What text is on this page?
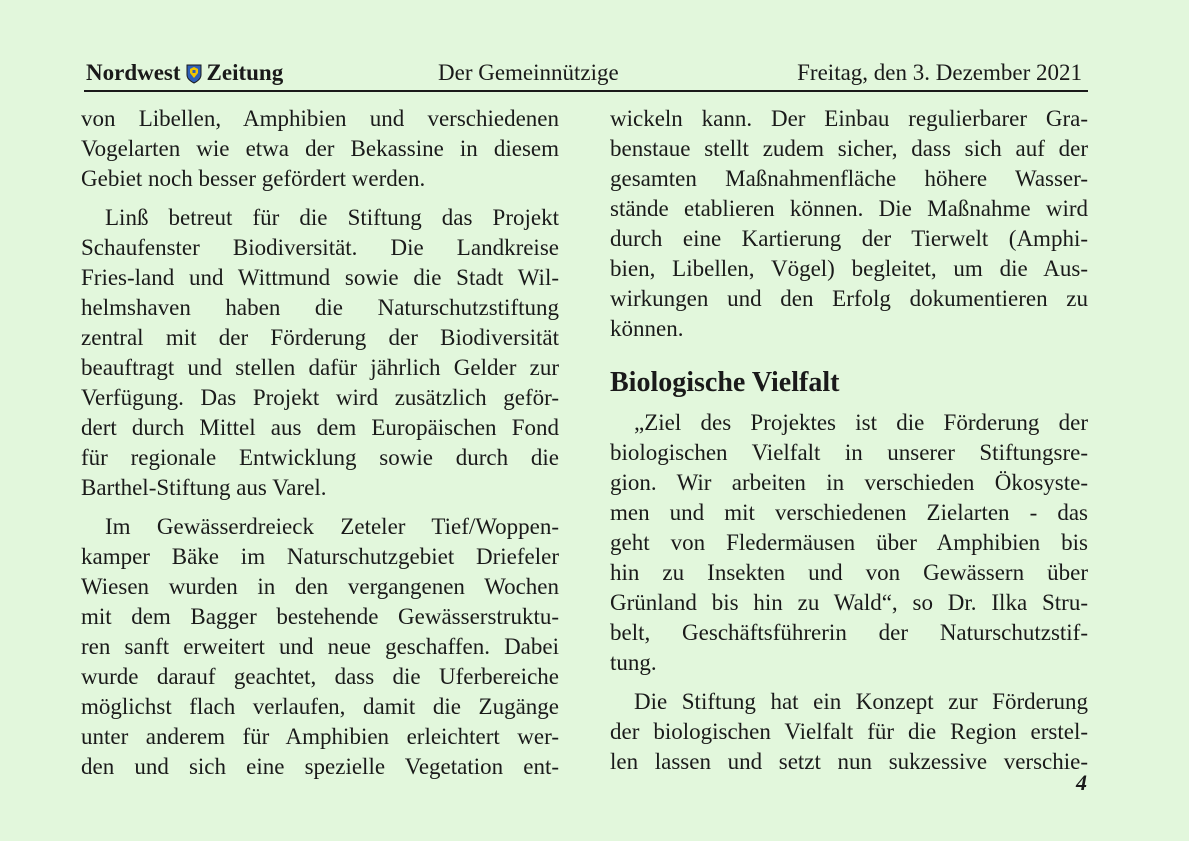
Nordwest Zeitung	Der Gemeinnützige	Freitag, den 3. Dezember 2021

von Libellen, Amphibien und verschiedenen
Vogelarten wie etwa der Bekassine in diesem
Gebiet noch besser gefördert werden.

Linß betreut für die Stiftung das Projekt
Schaufenster Biodiversität. Die Landkreise
Fries-land und Wittmund sowie die Stadt Wil-
helmshaven haben die Naturschutzstiftung
zentral mit der Förderung der Biodiversität
beauftragt und stellen dafür jährlich Gelder zur
Verfügung. Das Projekt wird zusätzlich geför-
dert durch Mittel aus dem Europäischen Fond
für regionale Entwicklung sowie durch die
Barthel-Stiftung aus Varel.

Im Gewässerdreieck Zeteler Tief/Woppen-
kamper Bäke im Naturschutzgebiet Driefeler
Wiesen wurden in den vergangenen Wochen
mit dem Bagger bestehende Gewässerstruktu-
ren sanft erweitert und neue geschaffen. Dabei
wurde darauf geachtet, dass die Uferbereiche
möglichst flach verlaufen, damit die Zugänge
unter anderem für Amphibien erleichtert wer-
den und sich eine spezielle Vegetation ent-

wickeln kann. Der Einbau regulierbarer Gra-
benstaue stellt zudem sicher, dass sich auf der
gesamten Maßnahmenfläche höhere Wasser-
stände etablieren können. Die Maßnahme wird
durch eine Kartierung der Tierwelt (Amphi-
bien, Libellen, Vögel) begleitet, um die Aus-
wirkungen und den Erfolg dokumentieren zu
können.

Biologische Vielfalt

„Ziel des Projektes ist die Förderung der
biologischen Vielfalt in unserer Stiftungsre-
gion. Wir arbeiten in verschieden Ökosyste-
men und mit verschiedenen Zielarten - das
geht von Fledermäusen über Amphibien bis
hin zu Insekten und von Gewässern über
Grünland bis hin zu Wald“, so Dr. Ilka Stru-
belt, Geschäftsführerin der Naturschutzstif-
tung.

Die Stiftung hat ein Konzept zur Förderung
der biologischen Vielfalt für die Region erstel-
len lassen und setzt nun sukzessive verschie-

4
